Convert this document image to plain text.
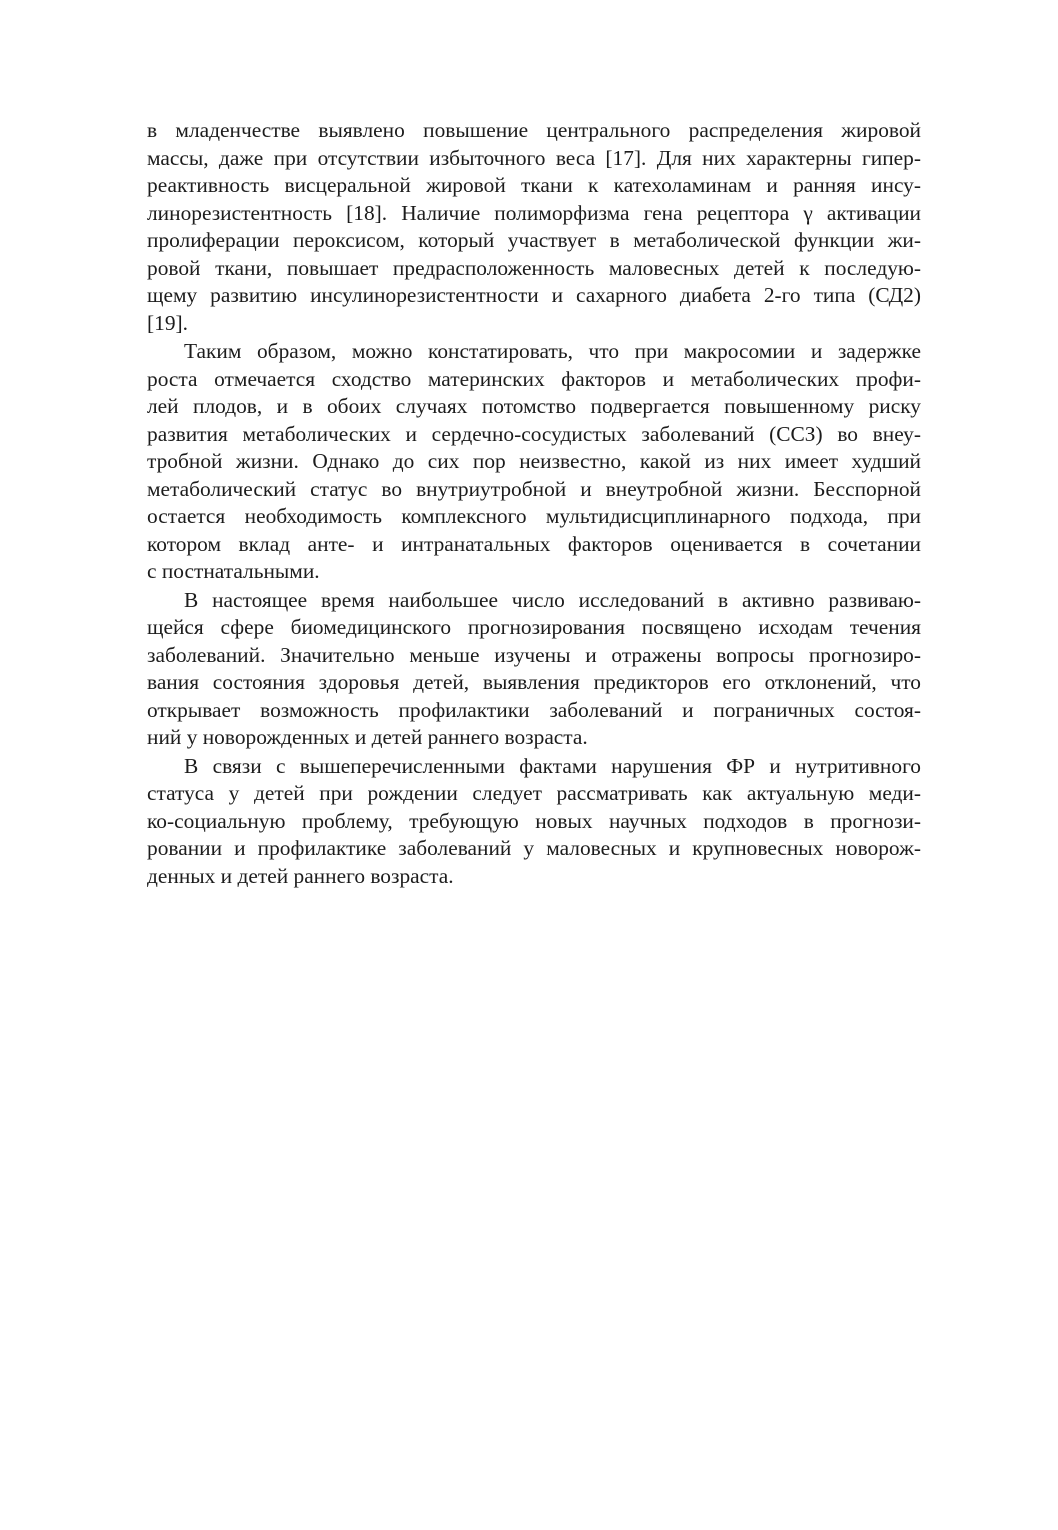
в младенчестве выявлено повышение центрального распределения жировой
массы, даже при отсутствии избыточного веса [17]. Для них характерны гипер-
реактивность висцеральной жировой ткани к катехоламинам и ранняя инсу-
линорезистентность [18]. Наличие полиморфизма гена рецептора γ активации
пролиферации пероксисом, который участвует в метаболической функции жи-
ровой ткани, повышает предрасположенность маловесных детей к последую-
щему развитию инсулинорезистентности и сахарного диабета 2-го типа (СД2)
[19].
Таким образом, можно констатировать, что при макросомии и задержке
роста отмечается сходство материнских факторов и метаболических профи-
лей плодов, и в обоих случаях потомство подвергается повышенному риску
развития метаболических и сердечно-сосудистых заболеваний (ССЗ) во внеу-
тробной жизни. Однако до сих пор неизвестно, какой из них имеет худший
метаболический статус во внутриутробной и внеутробной жизни. Бесспорной
остается необходимость комплексного мультидисциплинарного подхода, при
котором вклад анте- и интранатальных факторов оценивается в сочетании
с постнатальными.
В настоящее время наибольшее число исследований в активно развиваю-
щейся сфере биомедицинского прогнозирования посвящено исходам течения
заболеваний. Значительно меньше изучены и отражены вопросы прогнозиро-
вания состояния здоровья детей, выявления предикторов его отклонений, что
открывает возможность профилактики заболеваний и пограничных состоя-
ний у новорожденных и детей раннего возраста.
В связи с вышеперечисленными фактами нарушения ФР и нутритивного
статуса у детей при рождении следует рассматривать как актуальную меди-
ко-социальную проблему, требующую новых научных подходов в прогнози-
ровании и профилактике заболеваний у маловесных и крупновесных новорож-
денных и детей раннего возраста.
